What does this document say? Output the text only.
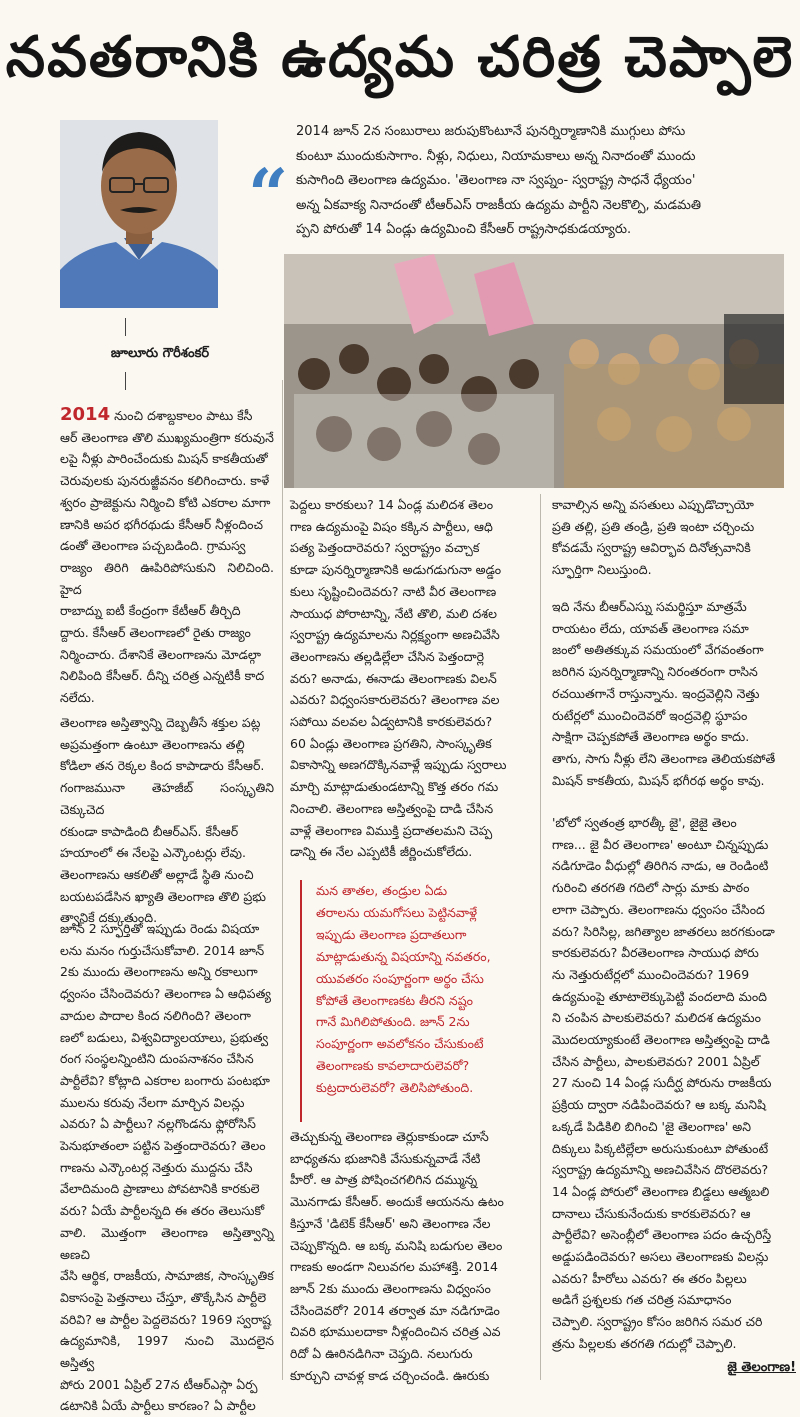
నవతరానికి ఉద్యమ చరిత్ర చెప్పాలె
జూలూరు గౌరీశంకర్
“
2014 జూన్ 2న సంబురాలు జరుపుకొంటూనే పునర్నిర్మాణానికి ముగ్గులు పోసు
కుంటూ ముందుకుసాగాం. నీళ్లు, నిధులు, నియామకాలు అన్న నినాదంతో ముందు
కుసాగింది తెలంగాణ ఉద్యమం. 'తెలంగాణ నా స్వప్నం- స్వరాష్ట్ర సాధనే ధ్యేయం'
అన్న ఏకవాక్య నినాదంతో టీఆర్ఎస్ రాజకీయ ఉద్యమ పార్టీని నెలకొల్పి, మడమతి
ప్పని పోరుతో 14 ఏండ్లు ఉద్యమించి కేసీఆర్ రాష్ట్రసాధకుడయ్యారు.
2014 నుంచి దశాబ్దకాలం పాటు కేసీ
ఆర్ తెలంగాణ తొలి ముఖ్యమంత్రిగా కరువునే
లపై నీళ్లు పారించేందుకు మిషన్ కాకతీయతో
చెరువులకు పునరుజ్జీవనం కలిగించారు. కాళే
శ్వరం ప్రాజెక్టును నిర్మించి కోటి ఎకరాల మాగా
ణానికి అపర భగీరథుడు కేసీఆర్ నీళ్లందించ
డంతో తెలంగాణ పచ్చబడింది. గ్రామస్వ
రాజ్యం తిరిగి ఊపిరిపోసుకుని నిలిచింది. హైద
రాబాద్ను ఐటీ కేంద్రంగా కేటీఆర్ తీర్చిది
ద్దారు. కేసీఆర్ తెలంగాణలో రైతు రాజ్యం
నిర్మించారు. దేశానికే తెలంగాణను మోడల్గా
నిలిపింది కేసీఆర్. దీన్ని చరిత్ర ఎన్నటికీ కాద
నలేదు.
తెలంగాణ అస్తిత్వాన్ని దెబ్బతీసే శక్తుల పట్ల
అప్రమత్తంగా ఉంటూ తెలంగాణను తల్లి
కోడిలా తన రెక్కల కింద కాపాడారు కేసీఆర్.
గంగాజమునా తెహజీబ్ సంస్కృతిని చెక్కుచెద
రకుండా కాపాడింది బీఆర్ఎస్. కేసీఆర్
హయాంలో ఈ నేలపై ఎన్కౌంటర్లు లేవు.
తెలంగాణను ఆకలితో అల్లాడే స్థితి నుంచి
బయటపడేసిన ఖ్యాతి తెలంగాణ తొలి ప్రభు
త్వానికే దక్కుతుంది.
జూన్ 2 స్ఫూర్తితో ఇప్పుడు రెండు విషయా
లను మనం గుర్తుచేసుకోవాలి. 2014 జూన్
2కు ముందు తెలంగాణను అన్ని రకాలుగా
ధ్వంసం చేసిందెవరు? తెలంగాణ ఏ ఆధిపత్య
వాదుల పాదాల కింద నలిగింది? తెలంగా
ణలో బడులు, విశ్వవిద్యాలయాలు, ప్రభుత్వ
రంగ సంస్థలన్నింటిని దుంపనాశనం చేసిన
పార్టీలేవి? కోట్లాది ఎకరాల బంగారు పంటభూ
ములను కరువు నేలగా మార్చిన విలన్లు
ఎవరు? ఏ పార్టీలు? నల్లగొండను ఫ్లోరోసిస్
పెనుభూతంలా పట్టిన పెత్తందారెవరు? తెలం
గాణను ఎన్కౌంటర్ల నెత్తురు ముద్దను చేసి
వేలాదిమంది ప్రాణాలు పోవటానికి కారకులె
వరు? ఏయే పార్టీలన్నది ఈ తరం తెలుసుకో
వాలి. మొత్తంగా తెలంగాణ అస్తిత్వాన్ని అణచి
వేసి ఆర్థిక, రాజకీయ, సామాజిక, సాంస్కృతిక
వికాసంపై పెత్తనాలు చేస్తూ, తొక్కేసిన పార్టీలె
వరివి? ఆ పార్టీల పెద్దలెవరు? 1969 స్వరాష్ట
ఉద్యమానికి, 1997 నుంచి మొదలైన అస్తిత్వ
పోరు 2001 ఏప్రిల్ 27న టీఆర్ఎస్గా ఏర్ప
డటానికి ఏయే పార్టీలు కారణం? ఏ పార్టీల
పెద్దలు కారకులు? 14 ఏండ్ల మలిదశ తెలం
గాణ ఉద్యమంపై విషం కక్కిన పార్టీలు, ఆధి
పత్య పెత్తందారెవరు? స్వరాష్ట్రం వచ్చాక
కూడా పునర్నిర్మాణానికి అడుగడుగునా అడ్డం
కులు సృష్టించిందెవరు? నాటి వీర తెలంగాణ
సాయుధ పోరాటాన్ని, నేటి తొలి, మలి దశల
స్వరాష్ట్ర ఉద్యమాలను నిర్లక్ష్యంగా అణచివేసి
తెలంగాణను తల్లడిల్లేలా చేసిన పెత్తందార్లె
వరు? అనాడు, ఈనాడు తెలంగాణకు విలన్
ఎవరు? విధ్వంసకారులెవరు? తెలంగాణ వల
సపోయి వలవల ఏడ్వటానికి కారకులెవరు?
60 ఏండ్లు తెలంగాణ ప్రగతిని, సాంస్కృతిక
వికాసాన్ని అణగదొక్కినవాళ్లే ఇప్పుడు స్వరాలు
మార్చి మాట్లాడుతుండటాన్ని కొత్త తరం గమ
నించాలి. తెలంగాణ అస్తిత్వంపై దాడి చేసిన
వాళ్లే తెలంగాణ విముక్తి ప్రదాతలమని చెప్ప
డాన్ని ఈ నేల ఎప్పటికీ జీర్ణించుకోలేదు.
మన తాతల, తండ్రుల ఏడు
తరాలను యమగోసలు పెట్టినవాళ్లే
ఇప్పుడు తెలంగాణ ప్రదాతలుగా
మాట్లాడుతున్న విషయాన్ని నవతరం,
యువతరం సంపూర్ణంగా అర్థం చేసు
కోపోతే తెలంగాణకట తీరని నష్టం
గానే మిగిలిపోతుంది. జూన్ 2ను
సంపూర్ణంగా అవలోకనం చేసుకుంటే
తెలంగాణకు కావలాదారులెవరో?
కుట్రదారులెవరో? తెలిసిపోతుంది.
తెచ్చుకున్న తెలంగాణ తెర్లుకాకుండా చూసే
బాధ్యతను భుజానికి వేసుకున్నవాడే నేటి
హీరో. ఆ పాత్ర పోషించగలిగిన దమ్మున్న
మొనగాడు కేసీఆర్. అందుకే ఆయనను ఉటం
కిస్తూనే 'డిటెక్ కేసీఆర్' అని తెలంగాణ నేల
చెప్పుకొన్నది. ఆ బక్క మనిషి బడుగుల తెలం
గాణకు అండగా నిలువగల మహాశక్తి. 2014
జూన్ 2కు ముందు తెలంగాణను విధ్వంసం
చేసిందెవరో? 2014 తర్వాత మా నడిగూడెం
చివరి భూములదాకా నీళ్లందించిన చరిత్ర ఎవ
రిదో ఏ ఊరినడిగినా చెప్తుది. నలుగురు
కూర్చుని చావళ్ల కాడ చర్చించండి. ఊరుకు
కావాల్సిన అన్ని వసతులు ఎప్పుడొచ్చాయో
ప్రతి తల్లి, ప్రతి తండ్రి, ప్రతి ఇంటా చర్చించు
కోవడమే స్వరాష్ట్ర ఆవిర్భావ దినోత్సవానికి
స్ఫూర్తిగా నిలుస్తుంది.
ఇది నేను బీఆర్ఎస్ను సమర్థిస్తూ మాత్రమే
రాయటం లేదు, యావత్ తెలంగాణ సమా
జంలో అతితక్కువ సమయంలో వేగవంతంగా
జరిగిన పునర్నిర్మాణాన్ని నిరంతరంగా రాసిన
రచయితగానే రాస్తున్నాను. ఇంద్రవెల్లిని నెత్తు
రుటేర్లలో ముంచిందెవరో ఇంద్రవెల్లి స్థూపం
సాక్షిగా చెప్పకపోతే తెలంగాణ అర్థం కాదు.
తాగు, సాగు నీళ్లు లేని తెలంగాణ తెలియకపోతే
మిషన్ కాకతీయ, మిషన్ భగీరథ అర్థం కావు.
'బోలో స్వతంత్ర భారత్కీ జై', జైజై తెలం
గాణ... జై వీర తెలంగాణ' అంటూ చిన్నప్పుడు
నడిగూడెం వీధుల్లో తిరిగిన నాడు, ఆ రెండింటి
గురించి తరగతి గదిలో సార్లు మాకు పాఠం
లాగా చెప్పారు. తెలంగాణను ధ్వంసం చేసింద
వరు? సిరిసిల్ల, జగిత్యాల జాతరలు జరగకుండా
కారకులెవరు? వీరతెలంగాణ సాయుధ పోరు
ను నెత్తురుటేర్లలో ముంచిందెవరు? 1969
ఉద్యమంపై తూటాలెక్కుపెట్టి వందలాది మంది
ని చంపిన పాలకులెవరు? మలిదశ ఉద్యమం
మొదలయ్యాకుంటే తెలంగాణ అస్తిత్వంపై దాడి
చేసిన పార్టీలు, పాలకులెవరు? 2001 ఏప్రిల్
27 నుంచి 14 ఏండ్ల సుదీర్ఘ పోరును రాజకీయ
ప్రక్రియ ద్వారా నడిపిందెవరు? ఆ బక్క మనిషి
ఒక్కడే పిడికిలి బిగించి 'జై తెలంగాణ' అని
దిక్కులు పిక్కటిల్లేలా అరుసుకుంటూ పోతుంటే
స్వరాష్ట్ర ఉద్యమాన్ని అణచివేసిన దొరలెవరు?
14 ఏండ్ల పోరులో తెలంగాణ బిడ్డలు ఆత్మబలి
దానాలు చేసుకునేందుకు కారకులెవరు? ఆ
పార్టీలేవి? అసెంబ్లీలో తెలంగాణ పదం ఉచ్చరిస్తే
అడ్డుపడిందెవరు? అసలు తెలంగాణకు విలన్లు
ఎవరు? హీరోలు ఎవరు? ఈ తరం పిల్లలు
అడిగే ప్రశ్నలకు గత చరిత్ర సమాధానం
చెప్పాలి. స్వరాష్ట్రం కోసం జరిగిన సమర చరి
త్రను పిల్లలకు తరగతి గదుల్లో చెప్పాలి.
జై తెలంగాణ!
